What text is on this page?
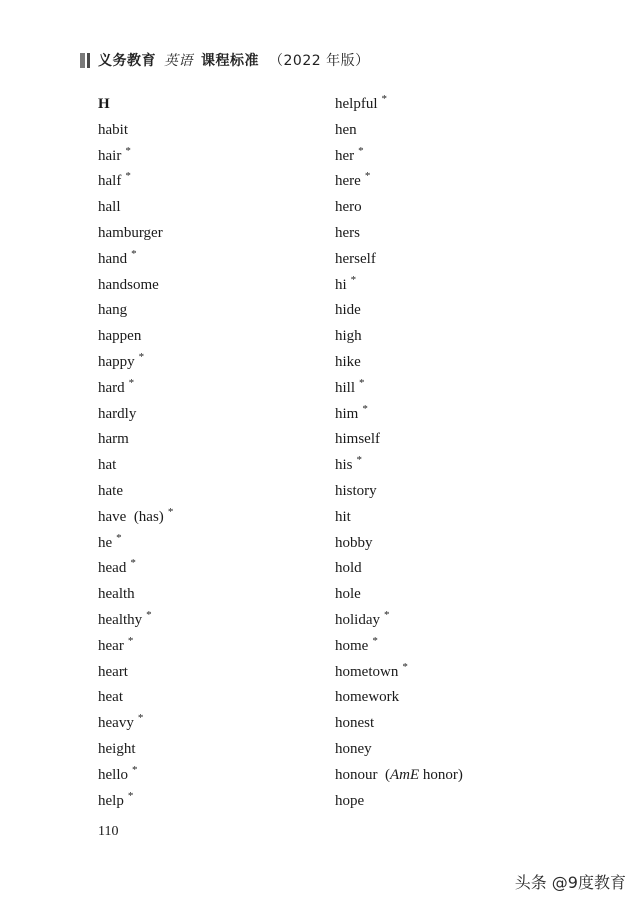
义务教育 英语 课程标准 （2022 年版）
H
habit
hair *
half *
hall
hamburger
hand *
handsome
hang
happen
happy *
hard *
hardly
harm
hat
hate
have  (has) *
he *
head *
health
healthy *
hear *
heart
heat
heavy *
height
hello *
help *
helpful *
hen
her *
here *
hero
hers
herself
hi *
hide
high
hike
hill *
him *
himself
his *
history
hit
hobby
hold
hole
holiday *
home *
hometown *
homework
honest
honey
honour  (AmE honor)
hope
110
头条 @9度教育
